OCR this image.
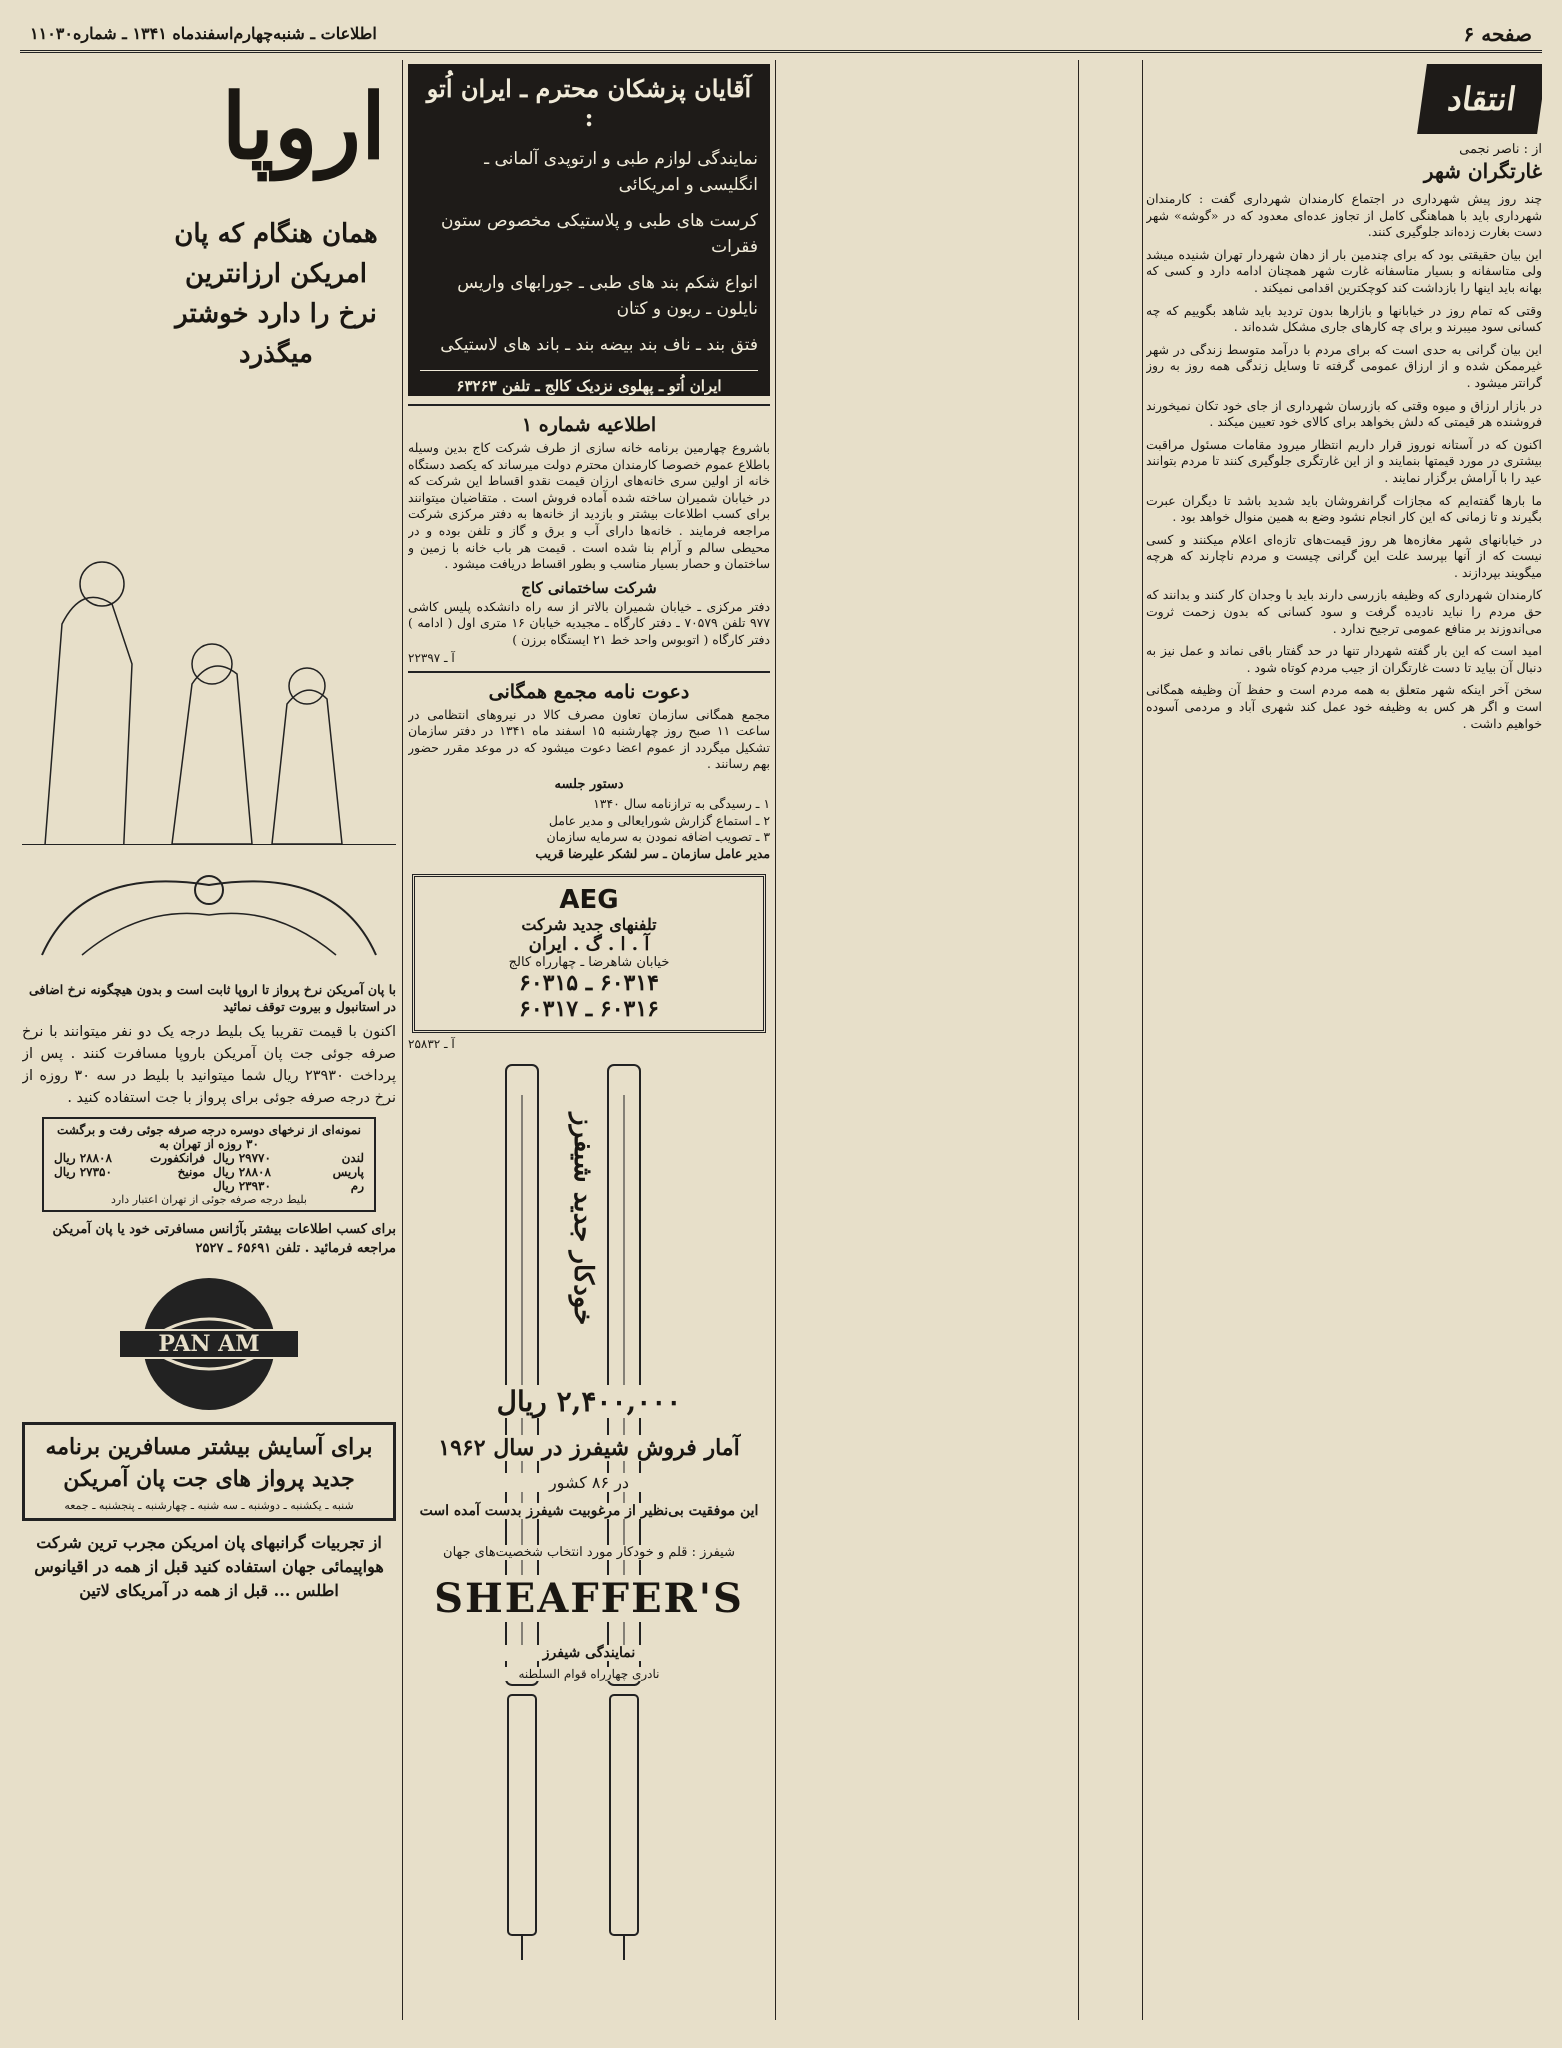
صفحه ۶
اطلاعات ـ شنبه‌چهارم‌اسفندماه ۱۳۴۱ ـ شماره۱۱۰۳۰
انتقاد
از : ناصر نجمی
غارتگران شهر

چند روز پیش شهرداری در اجتماع کارمندان شهرداری گفت : کارمندان شهرداری باید با هماهنگی کامل از تجاوز عده‌ای معدود که در «گوشه» شهر دست بغارت زده‌اند جلوگیری کنند.

این بیان حقیقتی بود که برای چندمین بار از دهان شهردار تهران شنیده میشد ولی متاسفانه و بسیار متاسفانه غارت شهر همچنان ادامه دارد و کسی که بهانه باید اینها را بازداشت کند کوچکترین اقدامی نمیکند .

وقتی که تمام روز در خیابانها و بازارها بدون تردید باید شاهد بگوییم که چه کسانی سود میبرند و برای چه کارهای جاری مشکل شده‌اند .

این بیان گرانی به حدی است که برای مردم با درآمد متوسط زندگی در شهر غیرممکن شده و از ارزاق عمومی گرفته تا وسایل زندگی همه روز به روز گرانتر میشود .

در بازار ارزاق و میوه وقتی که بازرسان شهرداری از جای خود تکان نمیخورند فروشنده هر قیمتی که دلش بخواهد برای کالای خود تعیین میکند .

اکنون که در آستانه نوروز قرار داریم انتظار میرود مقامات مسئول مراقبت بیشتری در مورد قیمتها بنمایند و از این غارتگری جلوگیری کنند تا مردم بتوانند عید را با آرامش برگزار نمایند .

ما بارها گفته‌ایم که مجازات گرانفروشان باید شدید باشد تا دیگران عبرت بگیرند و تا زمانی که این کار انجام نشود وضع به همین منوال خواهد بود .

در خیابانهای شهر مغازه‌ها هر روز قیمت‌های تازه‌ای اعلام میکنند و کسی نیست که از آنها بپرسد علت این گرانی چیست و مردم ناچارند که هرچه میگویند بپردازند .

کارمندان شهرداری که وظیفه بازرسی دارند باید با وجدان کار کنند و بدانند که حق مردم را نباید نادیده گرفت و سود کسانی که بدون زحمت ثروت می‌اندوزند بر منافع عمومی ترجیح ندارد .

امید است که این بار گفته شهردار تنها در حد گفتار باقی نماند و عمل نیز به دنبال آن بیاید تا دست غارتگران از جیب مردم کوتاه شود .

سخن آخر اینکه شهر متعلق به همه مردم است و حفظ آن وظیفه همگانی است و اگر هر کس به وظیفه خود عمل کند شهری آباد و مردمی آسوده خواهیم داشت .

آقایان پزشکان محترم ـ ایران اُتو :
نمایندگی لوازم طبی و ارتوپدی آلمانی ـ انگلیسی و امریکائی
کرست های طبی و پلاستیکی مخصوص ستون فقرات
انواع شکم بند های طبی ـ جورابهای واریس نایلون ـ ریون و کتان
فتق بند ـ ناف بند بیضه بند ـ باند های لاستیکی
ایران اُتو ـ پهلوی نزدیک کالج ـ تلفن ۶۳۲۶۳
اطلاعیه شماره ۱
باشروع چهارمین برنامه خانه سازی از طرف شرکت کاج بدین وسیله باطلاع عموم خصوصا کارمندان محترم دولت میرساند که یکصد دستگاه خانه از اولین سری خانه‌های ارزان قیمت نقدو اقساط این شرکت که در خیابان شمیران ساخته شده آماده فروش است . متقاضیان میتوانند برای کسب اطلاعات بیشتر و بازدید از خانه‌ها به دفتر مرکزی شرکت مراجعه فرمایند . خانه‌ها دارای آب و برق و گاز و تلفن بوده و در محیطی سالم و آرام بنا شده است . قیمت هر باب خانه با زمین و ساختمان و حصار بسیار مناسب و بطور اقساط دریافت میشود .
شرکت ساختمانی کاج
دفتر مرکزی ـ خیابان شمیران بالاتر از سه راه دانشکده پلیس کاشی ۹۷۷ تلفن ۷۰۵۷۹ ـ دفتر کارگاه ـ مجیدیه خیابان ۱۶ متری اول ( ادامه ) دفتر کارگاه ( اتوبوس واحد خط ۲۱ ایستگاه برزن )
آ ـ ۲۲۳۹۷
دعوت نامه مجمع همگانی
مجمع همگانی سازمان تعاون مصرف کالا در نیروهای انتظامی در ساعت ۱۱ صبح روز چهارشنبه ۱۵ اسفند ماه ۱۳۴۱ در دفتر سازمان تشکیل میگردد از عموم اعضا دعوت میشود که در موعد مقرر حضور بهم رسانند .
دستور جلسه
۱ ـ رسیدگی به ترازنامه سال ۱۳۴۰
۲ ـ استماع گزارش شورایعالی و مدیر عامل
۳ ـ تصویب اضافه نمودن به سرمایه سازمان
مدیر عامل سازمان ـ سر لشکر علیرضا قریب
AEG
تلفنهای جدید شرکت
آ . ا . گ . ایران
خیابان شاهرضا ـ چهارراه کالج
۶۰۳۱۴ ـ ۶۰۳۱۵
۶۰۳۱۶ ـ ۶۰۳۱۷
آ ـ ۲۵۸۳۲
خودکار جدید شیفرز
۲,۴۰۰,۰۰۰ ریال
آمار فروش شیفرز در سال ۱۹۶۲
در ۸۶ کشور
این موفقیت بی‌نظیر از مرغوبیت شیفرز بدست آمده است
شیفرز : قلم و خودکار مورد انتخاب شخصیت‌های جهان
SHEAFFER'S
نمایندگی شیفرز
نادری چهارراه قوام السلطنه
اروپا
همان هنگام که پان امریکن ارزانترین نرخ را دارد خوشتر میگذرد
با پان آمریکن نرخ پرواز تا اروپا ثابت است و بدون هیچگونه نرخ اضافی در استانبول و بیروت توقف نمائید
اکنون با قیمت تقریبا یک بلیط درجه یک دو نفر میتوانند با نرخ صرفه جوئی جت پان آمریکن باروپا مسافرت کنند . پس از پرداخت ۲۳۹۳۰ ریال شما میتوانید با بلیط در سه ۳۰ روزه از نرخ درجه صرفه جوئی برای پرواز با جت استفاده کنید .
نمونه‌ای از نرخهای دوسره درجه صرفه جوئی رفت و برگشت ۳۰ روزه از تهران به
لندن
۲۹۷۷۰ ریال
فرانکفورت
۲۸۸۰۸ ریال
پاریس
۲۸۸۰۸ ریال
مونیخ
۲۷۳۵۰ ریال
رم
۲۳۹۳۰ ریال
بلیط درجه صرفه جوئی از تهران اعتبار دارد
برای کسب اطلاعات بیشتر بآژانس مسافرتی خود یا پان آمریکن مراجعه فرمائید . تلفن ۶۵۶۹۱ ـ ۲۵۲۷
PAN AM
برای آسایش بیشتر مسافرین برنامه جدید پرواز های جت پان آمریکن
شنبه ـ یکشنبه ـ دوشنبه ـ سه شنبه ـ چهارشنبه ـ پنجشنبه ـ جمعه
از تجربیات گرانبهای پان امریکن مجرب ترین شرکت هواپیمائی جهان استفاده کنید قبل از همه در اقیانوس اطلس ... قبل از همه در آمریکای لاتین
